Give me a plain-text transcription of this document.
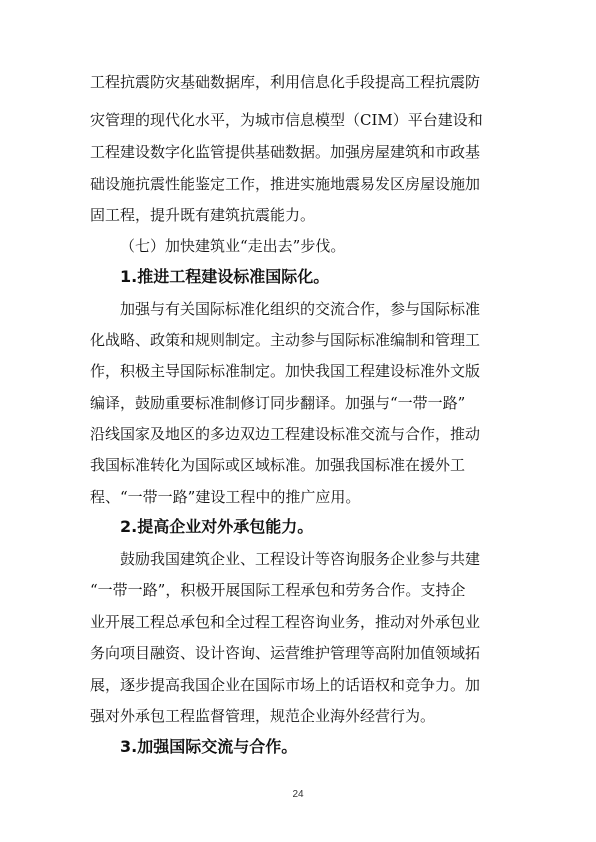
工程抗震防灾基础数据库，利用信息化手段提高工程抗震防
灾管理的现代化水平，为城市信息模型（CIM）平台建设和
工程建设数字化监管提供基础数据。加强房屋建筑和市政基
础设施抗震性能鉴定工作，推进实施地震易发区房屋设施加
固工程，提升既有建筑抗震能力。
（七）加快建筑业“走出去”步伐。
1.推进工程建设标准国际化。
加强与有关国际标准化组织的交流合作，参与国际标准
化战略、政策和规则制定。主动参与国际标准编制和管理工
作，积极主导国际标准制定。加快我国工程建设标准外文版
编译，鼓励重要标准制修订同步翻译。加强与“一带一路”
沿线国家及地区的多边双边工程建设标准交流与合作，推动
我国标准转化为国际或区域标准。加强我国标准在援外工
程、“一带一路”建设工程中的推广应用。
2.提高企业对外承包能力。
鼓励我国建筑企业、工程设计等咨询服务企业参与共建
“一带一路”，积极开展国际工程承包和劳务合作。支持企
业开展工程总承包和全过程工程咨询业务，推动对外承包业
务向项目融资、设计咨询、运营维护管理等高附加值领域拓
展，逐步提高我国企业在国际市场上的话语权和竞争力。加
强对外承包工程监督管理，规范企业海外经营行为。
3.加强国际交流与合作。
24
